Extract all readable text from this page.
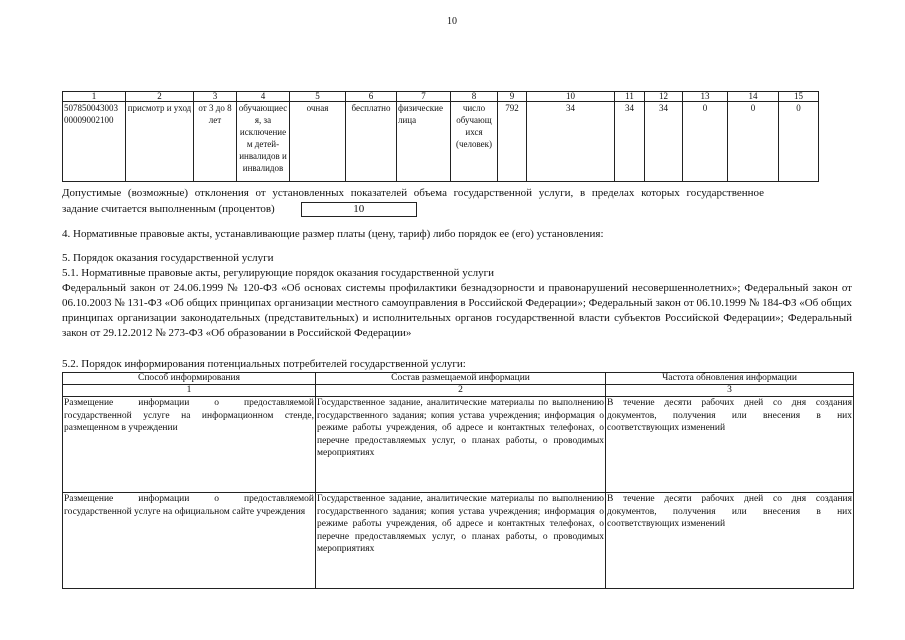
10
1	2	3	4	5	6	7	8	9	10	11	12	13	14	15
507850043003 00009002100	присмотр и уход	от 3 до 8 лет	обучающиес я, за исключение м детей-инвалидов и инвалидов	очная	бесплатно	физические лица	число обучающ ихся (человек)	792	34	34	34	0	0	0
Допустимые (возможные) отклонения от установленных показателей объема государственной услуги, в пределах которых государственное
задание считается выполненным (процентов)	10
4. Нормативные правовые акты, устанавливающие размер платы (цену, тариф) либо порядок ее (его) установления:
5. Порядок оказания государственной услуги
5.1. Нормативные правовые акты, регулирующие порядок оказания государственной услуги
Федеральный закон от 24.06.1999 № 120-ФЗ «Об основах системы профилактики безнадзорности и правонарушений несовершеннолетних»; Федеральный закон от 06.10.2003 № 131-ФЗ «Об общих принципах организации местного самоуправления в Российской Федерации»; Федеральный закон от 06.10.1999 № 184-ФЗ «Об общих принципах организации законодательных (представительных) и исполнительных органов государственной власти субъектов Российской Федерации»; Федеральный закон от 29.12.2012 № 273-ФЗ «Об образовании в Российской Федерации»
5.2. Порядок информирования потенциальных потребителей государственной услуги:
Способ информирования	Состав размещаемой информации	Частота обновления информации
1	2	3
Размещение информации о предоставляемой государственной услуге на информационном стенде, размещенном в учреждении	Государственное задание, аналитические материалы по выполнению государственного задания; копия устава учреждения; информация о режиме работы учреждения, об адресе и контактных телефонах, о перечне предоставляемых услуг, о планах работы, о проводимых мероприятиях	В течение десяти рабочих дней со дня создания документов, получения или внесения в них соответствующих изменений
Размещение информации о предоставляемой государственной услуге на официальном сайте учреждения	Государственное задание, аналитические материалы по выполнению государственного задания; копия устава учреждения; информация о режиме работы учреждения, об адресе и контактных телефонах, о перечне предоставляемых услуг, о планах работы, о проводимых мероприятиях	В течение десяти рабочих дней со дня создания документов, получения или внесения в них соответствующих изменений
